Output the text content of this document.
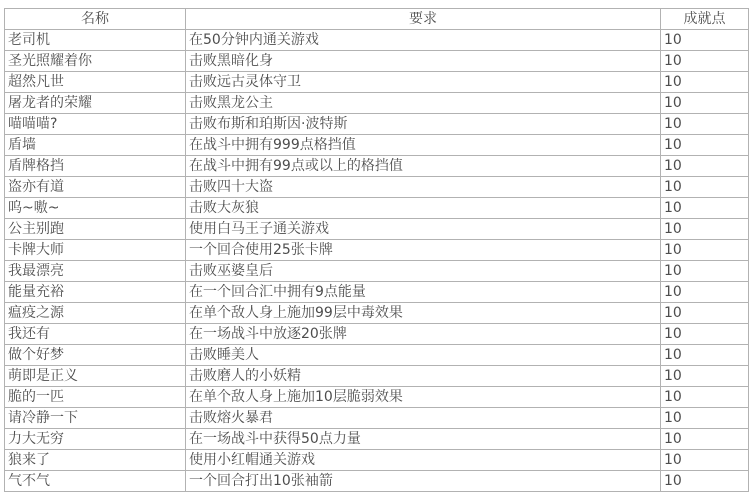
名称	要求	成就点
老司机	在50分钟内通关游戏	10
圣光照耀着你	击败黑暗化身	10
超然凡世	击败远古灵体守卫	10
屠龙者的荣耀	击败黑龙公主	10
喵喵喵?	击败布斯和珀斯因·波特斯	10
盾墙	在战斗中拥有999点格挡值	10
盾牌格挡	在战斗中拥有99点或以上的格挡值	10
盗亦有道	击败四十大盗	10
呜~嗷~	击败大灰狼	10
公主别跑	使用白马王子通关游戏	10
卡牌大师	一个回合使用25张卡牌	10
我最漂亮	击败巫婆皇后	10
能量充裕	在一个回合汇中拥有9点能量	10
瘟疫之源	在单个敌人身上施加99层中毒效果	10
我还有	在一场战斗中放逐20张牌	10
做个好梦	击败睡美人	10
萌即是正义	击败磨人的小妖精	10
脆的一匹	在单个敌人身上施加10层脆弱效果	10
请冷静一下	击败熔火暴君	10
力大无穷	在一场战斗中获得50点力量	10
狼来了	使用小红帽通关游戏	10
气不气	一个回合打出10张袖箭	10
